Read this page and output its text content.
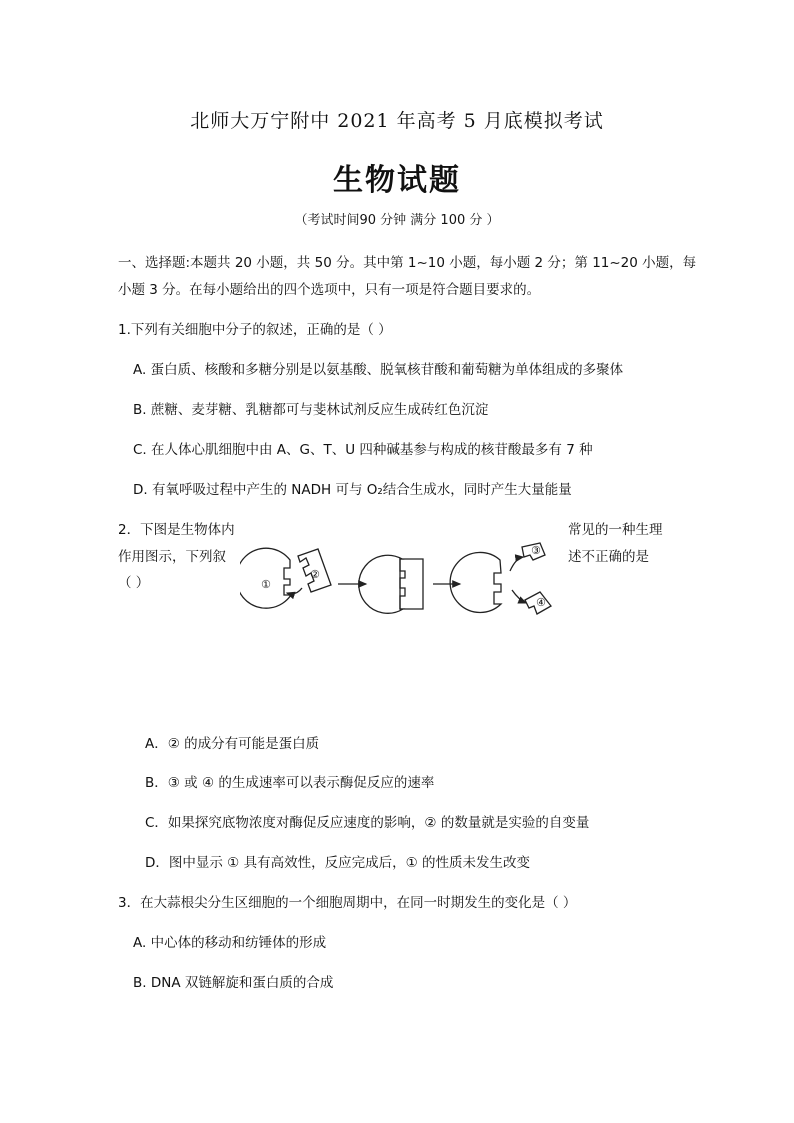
北师大万宁附中 2021 年高考 5 月底模拟考试
生物试题
（考试时间90 分钟 满分 100 分 ）
一、选择题:本题共 20 小题，共 50 分。其中第 1~10 小题，每小题 2 分；第 11~20 小题，每
小题 3 分。在每小题给出的四个选项中，只有一项是符合题目要求的。
1.下列有关细胞中分子的叙述，正确的是（ ）
A. 蛋白质、核酸和多糖分别是以氨基酸、脱氧核苷酸和葡萄糖为单体组成的多聚体
B. 蔗糖、麦芽糖、乳糖都可与斐林试剂反应生成砖红色沉淀
C. 在人体心肌细胞中由 A、G、T、U 四种碱基参与构成的核苷酸最多有 7 种
D. 有氧呼吸过程中产生的 NADH 可与 O₂结合生成水，同时产生大量能量
2．下图是生物体内
作用图示，下列叙
（ ）
常见的一种生理
述不正确的是
①
②
③
④
A．② 的成分有可能是蛋白质
B．③ 或 ④ 的生成速率可以表示酶促反应的速率
C．如果探究底物浓度对酶促反应速度的影响，② 的数量就是实验的自变量
D．图中显示 ① 具有高效性，反应完成后，① 的性质未发生改变
3．在大蒜根尖分生区细胞的一个细胞周期中，在同一时期发生的变化是（ ）
A. 中心体的移动和纺锤体的形成
B. DNA 双链解旋和蛋白质的合成
